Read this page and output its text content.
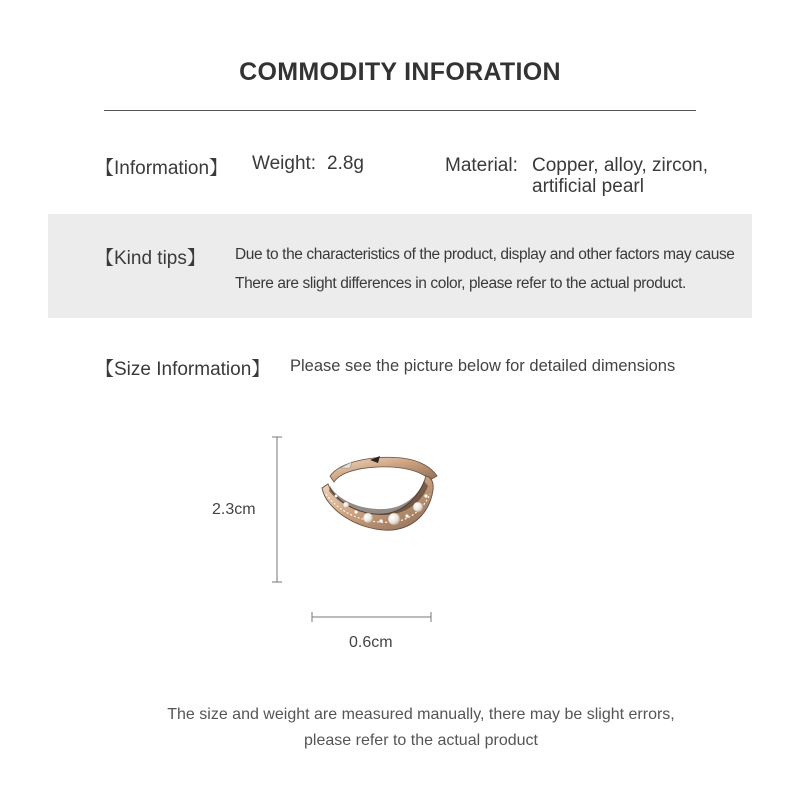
COMMODITY INFORATION
【Information】 Weight: 2.8g	Material: Copper, alloy, zircon,
artificial pearl
【Kind tips】 Due to the characteristics of the product, display and other factors may cause
There are slight differences in color, please refer to the actual product.
【Size Information】 Please see the picture below for detailed dimensions
2.3cm
0.6cm
The size and weight are measured manually, there may be slight errors,
please refer to the actual product
